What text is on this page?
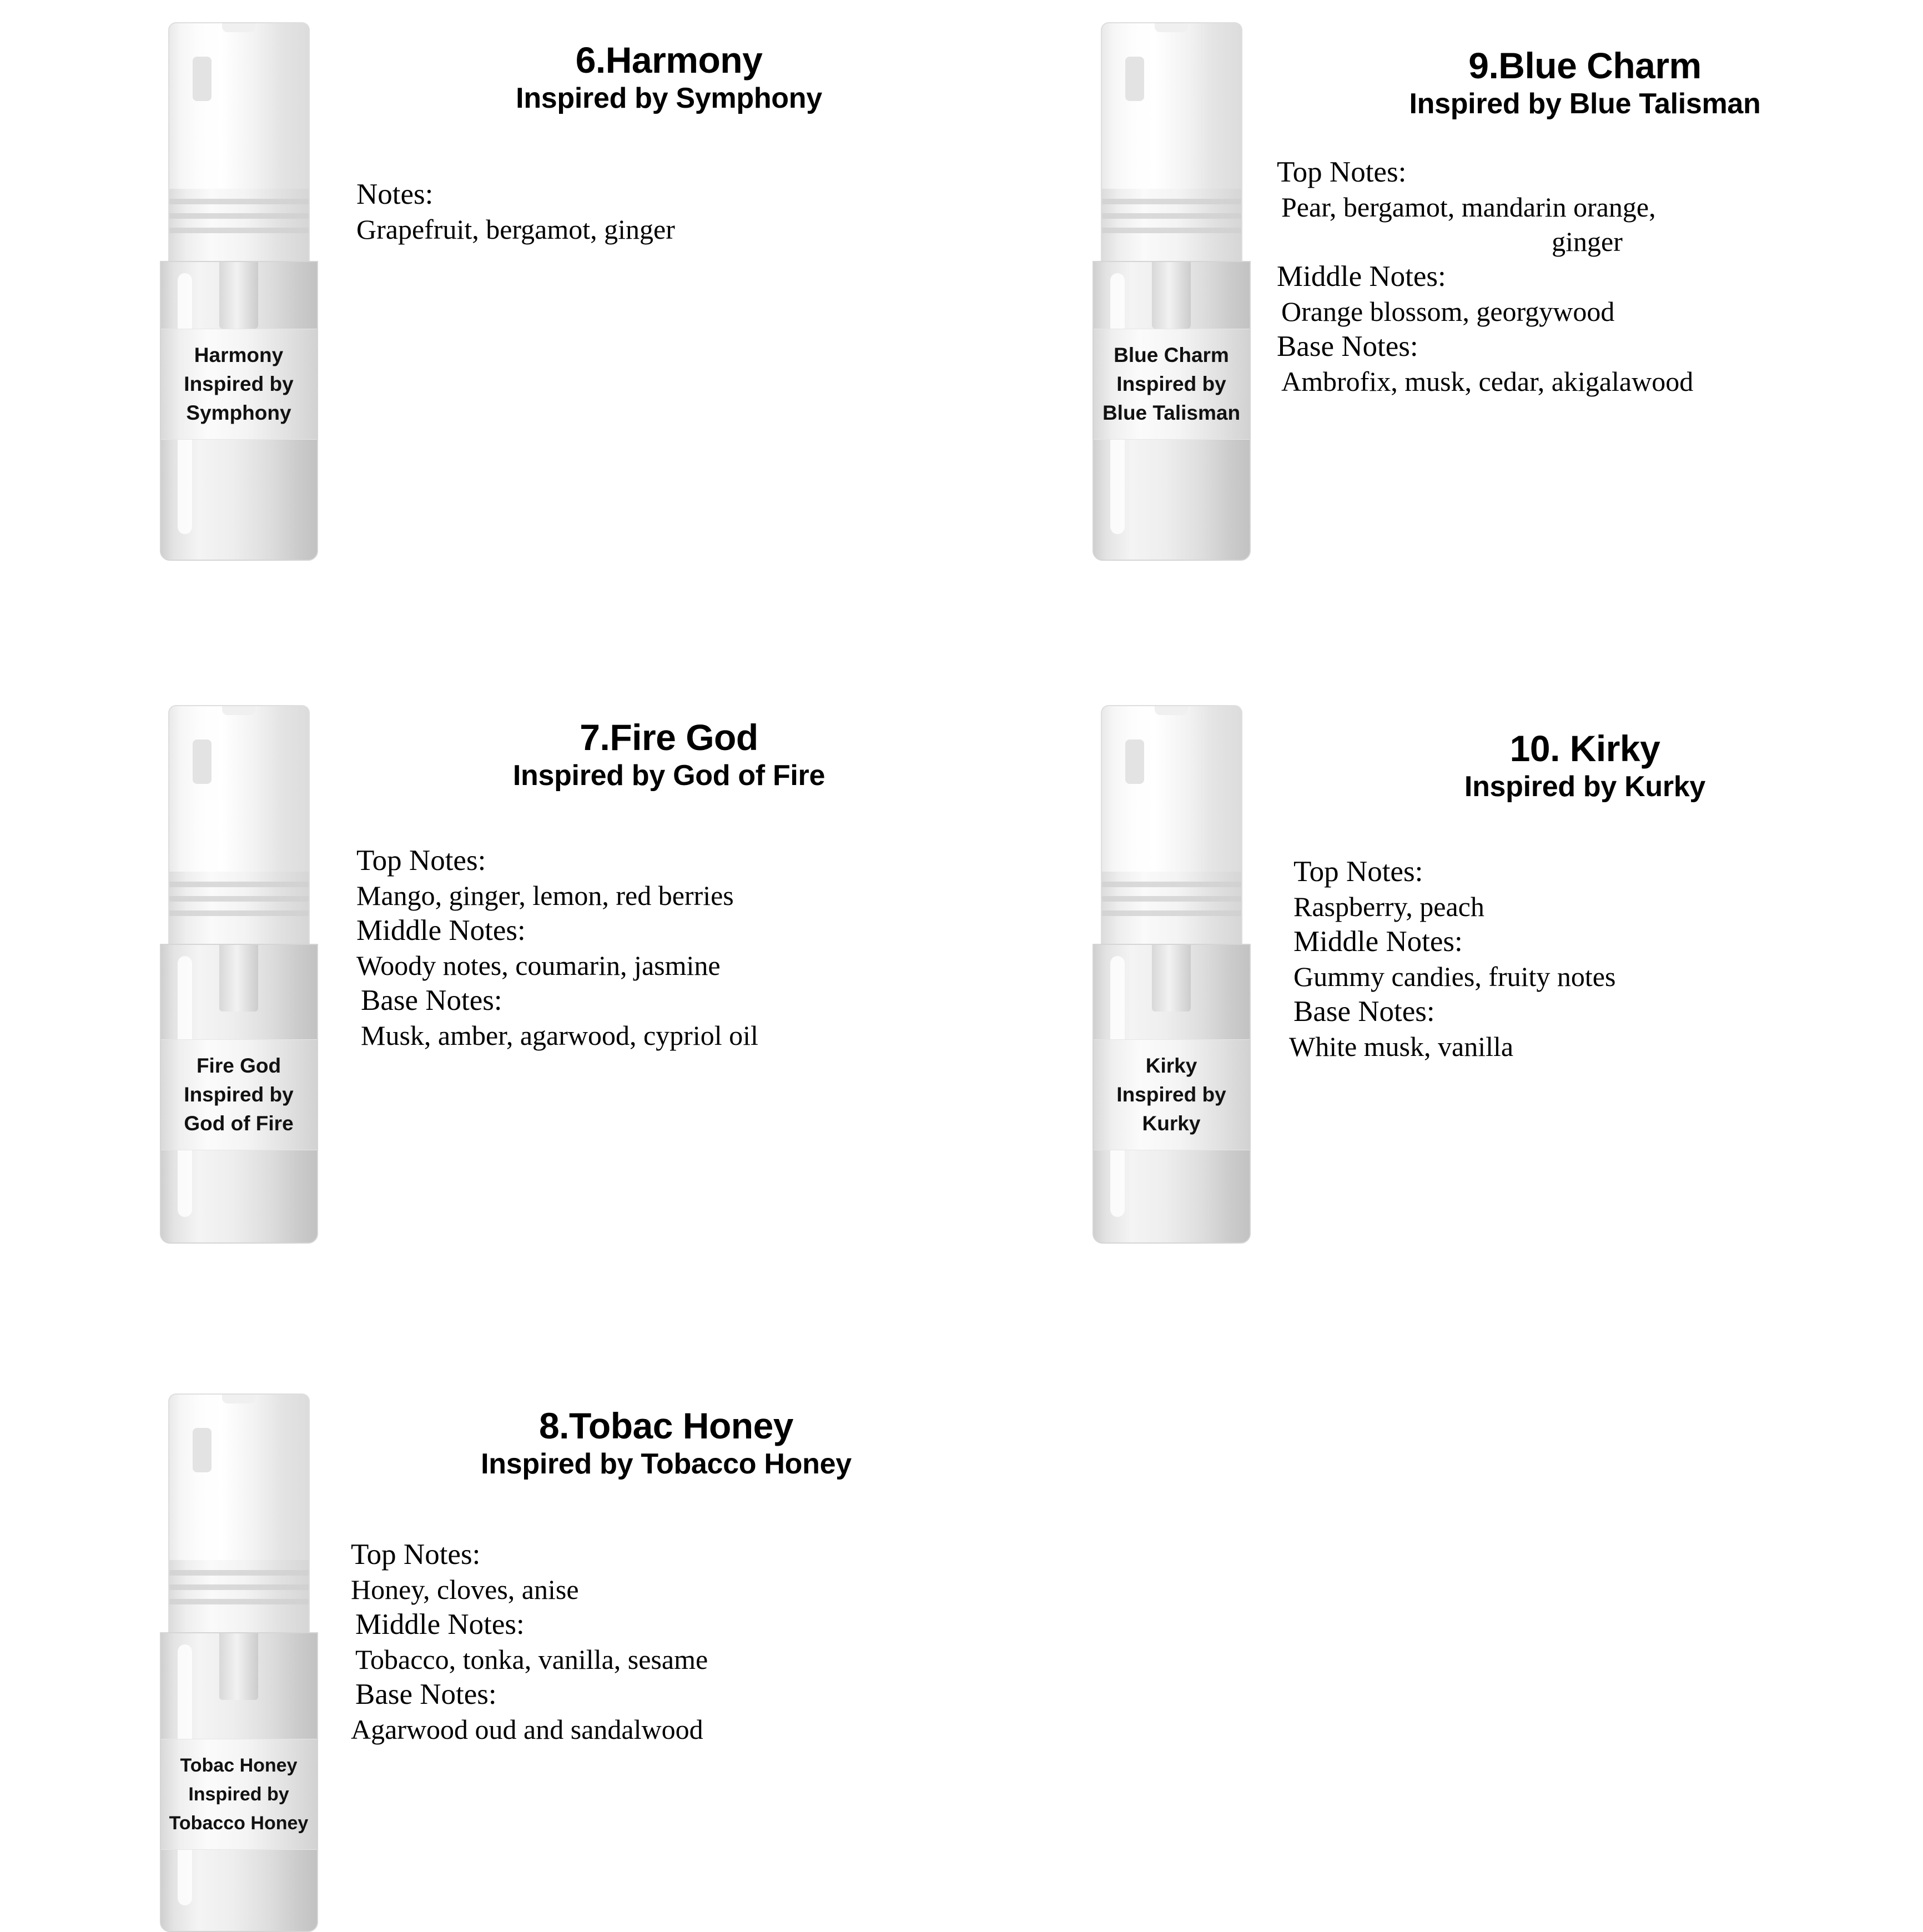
Harmony
Inspired by
Symphony
6.Harmony
Inspired by Symphony
Notes:
Grapefruit, bergamot, ginger
Blue Charm
Inspired by
Blue Talisman
9.Blue Charm
Inspired by Blue Talisman
Top Notes:
Pear, bergamot, mandarin orange,
ginger
Middle Notes:
Orange blossom, georgywood
Base Notes:
Ambrofix, musk, cedar, akigalawood
Fire God
Inspired by
God of Fire
7.Fire God
Inspired by God of Fire
Top Notes:
Mango, ginger, lemon, red berries
Middle Notes:
Woody notes, coumarin, jasmine
Base Notes:
Musk, amber, agarwood, cypriol oil
Kirky
Inspired by
Kurky
10. Kirky
Inspired by Kurky
Top Notes:
Raspberry, peach
Middle Notes:
Gummy candies, fruity notes
Base Notes:
White musk, vanilla
Tobac Honey
Inspired by
Tobacco Honey
8.Tobac Honey
Inspired by Tobacco Honey
Top Notes:
Honey, cloves, anise
Middle Notes:
Tobacco, tonka, vanilla, sesame
Base Notes:
Agarwood oud and sandalwood
